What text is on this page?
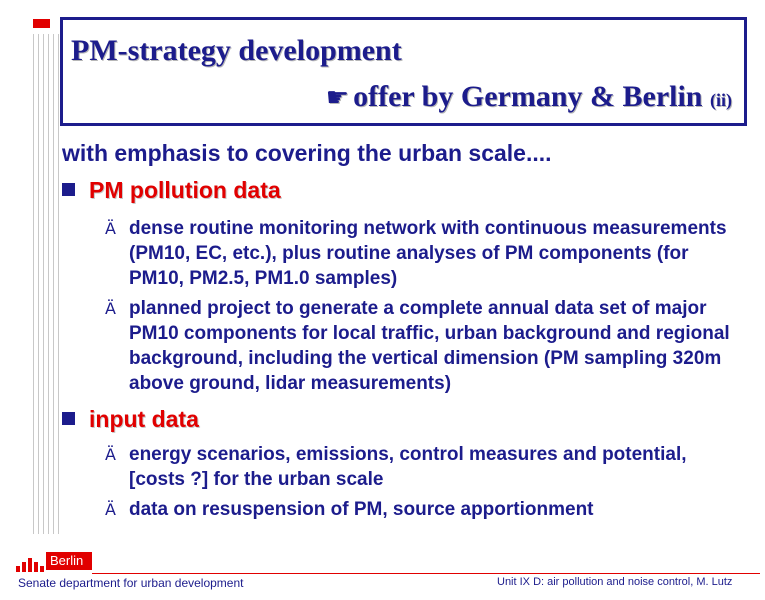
PM-strategy development
☛ offer by Germany & Berlin (ii)

with emphasis to covering the urban scale....

PM pollution data

Ä dense routine monitoring network with continuous measurements (PM10, EC, etc.), plus routine analyses of PM components (for PM10, PM2.5, PM1.0 samples)
Ä planned project to generate a complete annual data set of major PM10 components for local traffic, urban background and regional background, including the vertical dimension (PM sampling 320m above ground, lidar measurements)

input data

Ä energy scenarios, emissions, control measures and potential, [costs ?] for the urban scale
Ä data on resuspension of PM, source apportionment
Berlin
Senate department for urban development	Unit IX D: air pollution and noise control, M. Lutz
